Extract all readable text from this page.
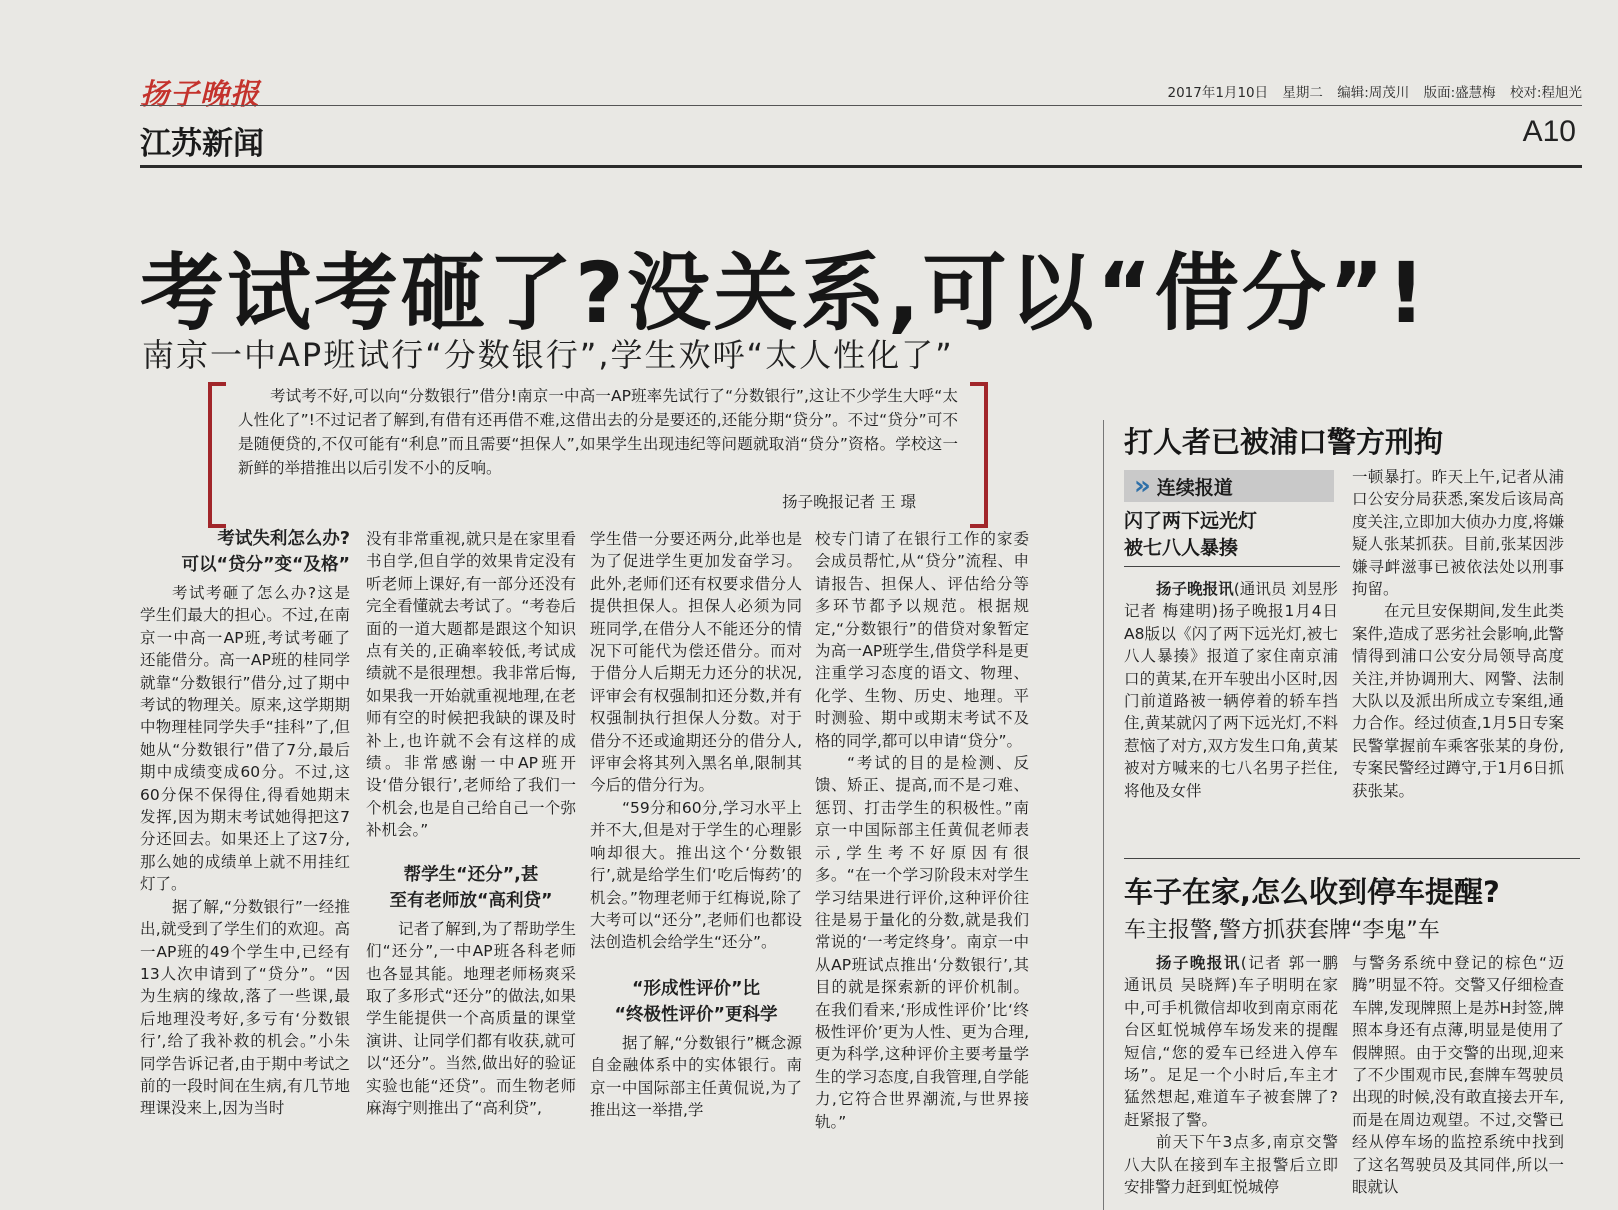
扬子晚报	2017年1月10日 星期二 编辑:周茂川 版面:盛慧梅 校对:程旭光
江苏新闻	A10
考试考砸了?没关系,可以“借分”!
南京一中AP班试行“分数银行”,学生欢呼“太人性化了”
考试考不好,可以向“分数银行”借分!南京一中高一AP班率先试行了“分数银行”,这让不少学生大呼“太人性化了”!不过记者了解到,有借有还再借不难,这借出去的分是要还的,还能分期“贷分”。不过“贷分”可不是随便贷的,不仅可能有“利息”而且需要“担保人”,如果学生出现违纪等问题就取消“贷分”资格。学校这一新鲜的举措推出以后引发不小的反响。
扬子晚报记者 王 璟
考试失利怎么办?
可以“贷分”变“及格”

考试考砸了怎么办?这是学生们最大的担心。不过,在南京一中高一AP班,考试考砸了还能借分。高一AP班的桂同学就靠“分数银行”借分,过了期中考试的物理关。原来,这学期期中物理桂同学失手“挂科”了,但她从“分数银行”借了7分,最后期中成绩变成60分。不过,这60分保不保得住,得看她期末发挥,因为期末考试她得把这7分还回去。如果还上了这7分,那么她的成绩单上就不用挂红灯了。

据了解,“分数银行”一经推出,就受到了学生们的欢迎。高一AP班的49个学生中,已经有13人次申请到了“贷分”。“因为生病的缘故,落了一些课,最后地理没考好,多亏有‘分数银行’,给了我补救的机会。”小朱同学告诉记者,由于期中考试之前的一段时间在生病,有几节地理课没来上,因为当时

没有非常重视,就只是在家里看书自学,但自学的效果肯定没有听老师上课好,有一部分还没有完全看懂就去考试了。“考卷后面的一道大题都是跟这个知识点有关的,正确率较低,考试成绩就不是很理想。我非常后悔,如果我一开始就重视地理,在老师有空的时候把我缺的课及时补上,也许就不会有这样的成绩。非常感谢一中AP班开设‘借分银行’,老师给了我们一个机会,也是自己给自己一个弥补机会。”

帮学生“还分”,甚
至有老师放“高利贷”

记者了解到,为了帮助学生们“还分”,一中AP班各科老师也各显其能。地理老师杨爽采取了多形式“还分”的做法,如果学生能提供一个高质量的课堂演讲、让同学们都有收获,就可以“还分”。当然,做出好的验证实验也能“还贷”。而生物老师麻海宁则推出了“高利贷”,

学生借一分要还两分,此举也是为了促进学生更加发奋学习。此外,老师们还有权要求借分人提供担保人。担保人必须为同班同学,在借分人不能还分的情况下可能代为偿还借分。而对于借分人后期无力还分的状况,评审会有权强制扣还分数,并有权强制执行担保人分数。对于借分不还或逾期还分的借分人,评审会将其列入黑名单,限制其今后的借分行为。

“59分和60分,学习水平上并不大,但是对于学生的心理影响却很大。推出这个‘分数银行’,就是给学生们‘吃后悔药’的机会。”物理老师于红梅说,除了大考可以“还分”,老师们也都设法创造机会给学生“还分”。

“形成性评价”比
“终极性评价”更科学

据了解,“分数银行”概念源自金融体系中的实体银行。南京一中国际部主任黄侃说,为了推出这一举措,学

校专门请了在银行工作的家委会成员帮忙,从“贷分”流程、申请报告、担保人、评估给分等多环节都予以规范。根据规定,“分数银行”的借贷对象暂定为高一AP班学生,借贷学科是更注重学习态度的语文、物理、化学、生物、历史、地理。平时测验、期中或期末考试不及格的同学,都可以申请“贷分”。

“考试的目的是检测、反馈、矫正、提高,而不是刁难、惩罚、打击学生的积极性。”南京一中国际部主任黄侃老师表示,学生考不好原因有很多。“在一个学习阶段末对学生学习结果进行评价,这种评价往往是易于量化的分数,就是我们常说的‘一考定终身’。南京一中从AP班试点推出‘分数银行’,其目的就是探索新的评价机制。在我们看来,‘形成性评价’比‘终极性评价’更为人性、更为合理,更为科学,这种评价主要考量学生的学习态度,自我管理,自学能力,它符合世界潮流,与世界接轨。”

打人者已被浦口警方刑拘
» 连续报道
闪了两下远光灯
被七八人暴揍

扬子晚报讯(通讯员 刘昱彤 记者 梅建明)扬子晚报1月4日A8版以《闪了两下远光灯,被七八人暴揍》报道了家住南京浦口的黄某,在开车驶出小区时,因门前道路被一辆停着的轿车挡住,黄某就闪了两下远光灯,不料惹恼了对方,双方发生口角,黄某被对方喊来的七八名男子拦住,将他及女伴

一顿暴打。昨天上午,记者从浦口公安分局获悉,案发后该局高度关注,立即加大侦办力度,将嫌疑人张某抓获。目前,张某因涉嫌寻衅滋事已被依法处以刑事拘留。

在元旦安保期间,发生此类案件,造成了恶劣社会影响,此警情得到浦口公安分局领导高度关注,并协调刑大、网警、法制大队以及派出所成立专案组,通力合作。经过侦查,1月5日专案民警掌握前车乘客张某的身份,专案民警经过蹲守,于1月6日抓获张某。

车子在家,怎么收到停车提醒?
车主报警,警方抓获套牌“李鬼”车

扬子晚报讯(记者 郭一鹏 通讯员 吴晓辉)车子明明在家中,可手机微信却收到南京雨花台区虹悦城停车场发来的提醒短信,“您的爱车已经进入停车场”。足足一个小时后,车主才猛然想起,难道车子被套牌了?赶紧报了警。

前天下午3点多,南京交警八大队在接到车主报警后立即安排警力赶到虹悦城停

与警务系统中登记的棕色“迈腾”明显不符。交警又仔细检查车牌,发现牌照上是苏H封签,牌照本身还有点薄,明显是使用了假牌照。由于交警的出现,迎来了不少围观市民,套牌车驾驶员出现的时候,没有敢直接去开车,而是在周边观望。不过,交警已经从停车场的监控系统中找到了这名驾驶员及其同伴,所以一眼就认
